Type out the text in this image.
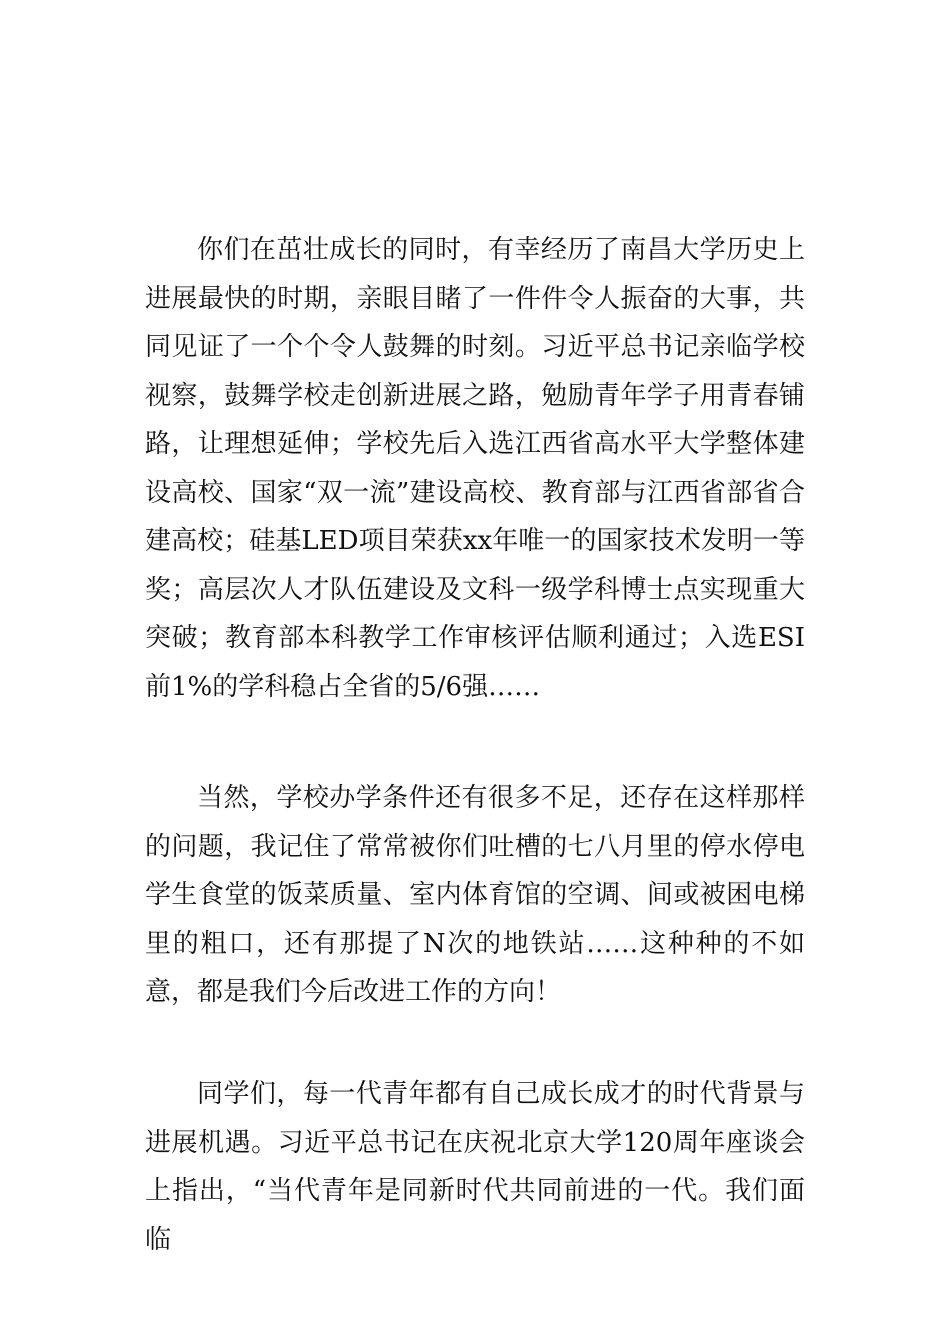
你们在茁壮成长的同时，有幸经历了南昌大学历史上进展最快的时期，亲眼目睹了一件件令人振奋的大事，共同见证了一个个令人鼓舞的时刻。习近平总书记亲临学校视察，鼓舞学校走创新进展之路，勉励青年学子用青春铺路，让理想延伸；学校先后入选江西省高水平大学整体建设高校、国家“双一流”建设高校、教育部与江西省部省合建高校；硅基LED项目荣获xx年唯一的国家技术发明一等奖；高层次人才队伍建设及文科一级学科博士点实现重大突破；教育部本科教学工作审核评估顺利通过；入选ESI前1%的学科稳占全省的5/6强……

当然，学校办学条件还有很多不足，还存在这样那样的问题，我记住了常常被你们吐槽的七八月里的停水停电学生食堂的饭菜质量、室内体育馆的空调、间或被困电梯里的粗口，还有那提了N次的地铁站……这种种的不如意，都是我们今后改进工作的方向！

同学们，每一代青年都有自己成长成才的时代背景与进展机遇。习近平总书记在庆祝北京大学120周年座谈会上指出，“当代青年是同新时代共同前进的一代。我们面临
